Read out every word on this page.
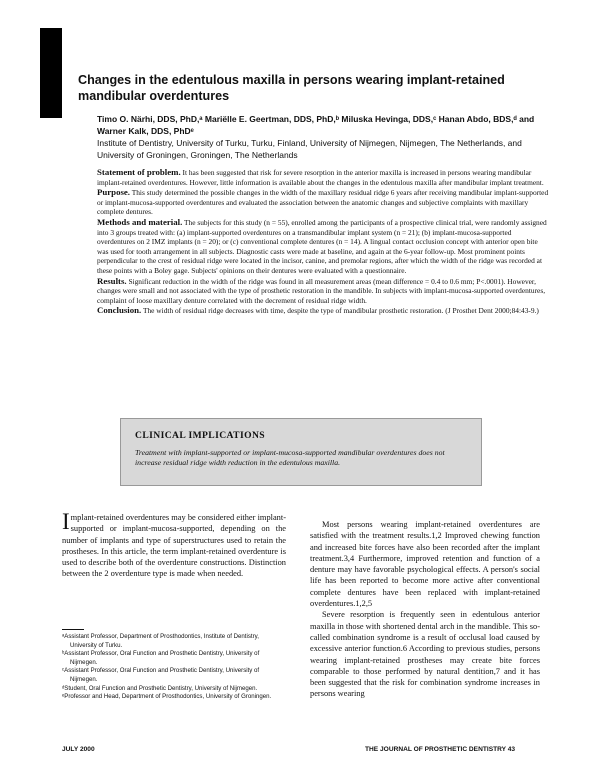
Changes in the edentulous maxilla in persons wearing implant-retained mandibular overdentures
Timo O. Närhi, DDS, PhD,ᵃ Mariëlle E. Geertman, DDS, PhD,ᵇ Miluska Hevinga, DDS,ᶜ Hanan Abdo, BDS,ᵈ and Warner Kalk, DDS, PhDᵉ
Institute of Dentistry, University of Turku, Turku, Finland, University of Nijmegen, Nijmegen, The Netherlands, and University of Groningen, Groningen, The Netherlands

Statement of problem. It has been suggested that risk for severe resorption in the anterior maxilla is increased in persons wearing mandibular implant-retained overdentures. However, little information is available about the changes in the edentulous maxilla after mandibular implant treatment.

Purpose. This study determined the possible changes in the width of the maxillary residual ridge 6 years after receiving mandibular implant-supported or implant-mucosa-supported overdentures and evaluated the association between the anatomic changes and subjective complaints with maxillary complete dentures.

Methods and material. The subjects for this study (n = 55), enrolled among the participants of a prospective clinical trial, were randomly assigned into 3 groups treated with: (a) implant-supported overdentures on a transmandibular implant system (n = 21); (b) implant-mucosa-supported overdentures on 2 IMZ implants (n = 20); or (c) conventional complete dentures (n = 14). A lingual contact occlusion concept with anterior open bite was used for tooth arrangement in all subjects. Diagnostic casts were made at baseline, and again at the 6-year follow-up. Most prominent points perpendicular to the crest of residual ridge were located in the incisor, canine, and premolar regions, after which the width of the ridge was recorded at these points with a Boley gage. Subjects' opinions on their dentures were evaluated with a questionnaire.

Results. Significant reduction in the width of the ridge was found in all measurement areas (mean difference = 0.4 to 0.6 mm; P<.0001). However, changes were small and not associated with the type of prosthetic restoration in the mandible. In subjects with implant-mucosa-supported overdentures, complaint of loose maxillary denture correlated with the decrement of residual ridge width.

Conclusion. The width of residual ridge decreases with time, despite the type of mandibular prosthetic restoration. (J Prosthet Dent 2000;84:43-9.)

CLINICAL IMPLICATIONS
Treatment with implant-supported or implant-mucosa-supported mandibular overdentures does not increase residual ridge width reduction in the edentulous maxilla.

Implant-retained overdentures may be considered either implant-supported or implant-mucosa-supported, depending on the number of implants and type of superstructures used to retain the prostheses. In this article, the term implant-retained overdenture is used to describe both of the overdenture constructions. Distinction between the 2 overdenture type is made when needed.

Most persons wearing implant-retained overdentures are satisfied with the treatment results.1,2 Improved chewing function and increased bite forces have also been recorded after the implant treatment.3,4 Furthermore, improved retention and function of a denture may have favorable psychological effects. A person's social life has been reported to become more active after conventional complete dentures have been replaced with implant-retained overdentures.1,2,5

Severe resorption is frequently seen in edentulous anterior maxilla in those with shortened dental arch in the mandible. This so-called combination syndrome is a result of occlusal load caused by excessive anterior function.6 According to previous studies, persons wearing implant-retained prostheses may create bite forces comparable to those performed by natural dentition,7 and it has been suggested that the risk for combination syndrome increases in persons wearing

ᵃAssistant Professor, Department of Prosthodontics, Institute of Dentistry, University of Turku.
ᵇAssistant Professor, Oral Function and Prosthetic Dentistry, University of Nijmegen.
ᶜAssistant Professor, Oral Function and Prosthetic Dentistry, University of Nijmegen.
ᵈStudent, Oral Function and Prosthetic Dentistry, University of Nijmegen.
ᵉProfessor and Head, Department of Prosthodontics, University of Groningen.
JULY 2000	THE JOURNAL OF PROSTHETIC DENTISTRY 43
